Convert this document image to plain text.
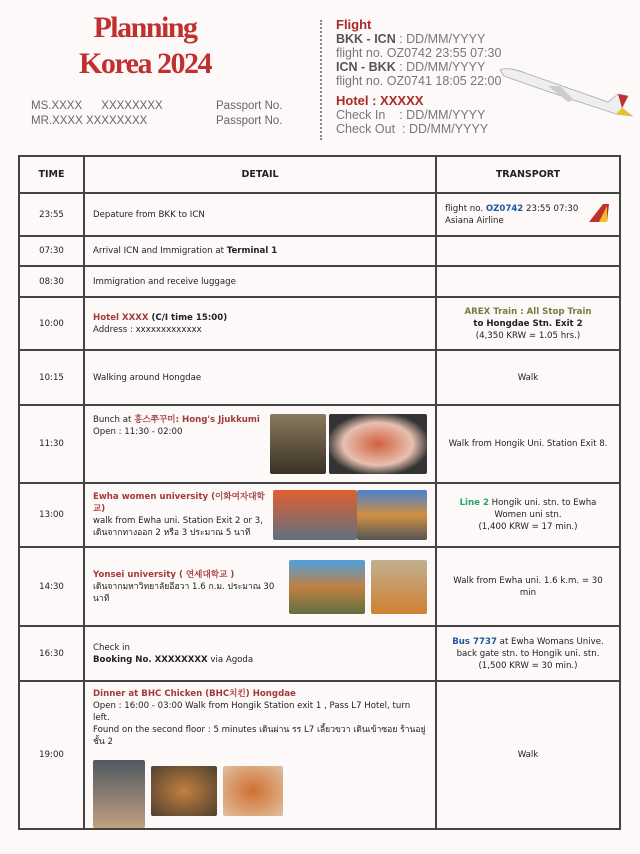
Planning
Korea 2024
MS.XXXX      XXXXXXXX
MR.XXXX XXXXXXXX
Passport No.
Passport No.
Flight
BKK - ICN : DD/MM/YYYY
flight no. OZ0742 23:55 07:30
ICN - BKK : DD/MM/YYYY
flight no. OZ0741 18:05 22:00
Hotel : XXXXX
Check In    : DD/MM/YYYY
Check Out  : DD/MM/YYYY
TIME	DETAIL	TRANSPORT
23:55	Depature from BKK to ICN	flight no. OZ0742 23:55 07:30
Asiana Airline

07:30	Arrival ICN and Immigration at Terminal 1	
08:30	Immigration and receive luggage	
10:00	Hotel XXXX (C/I time 15:00)
Address : xxxxxxxxxxxxx	AREX Train : All Stop Train
to Hongdae Stn. Exit 2
(4,350 KRW = 1.05 hrs.)
10:15	Walking around Hongdae	Walk
11:30	Bunch at 홍스쭈꾸미: Hong's Jjukkumi
Open : 11:30 - 02:00	Walk from Hongik Uni. Station Exit 8.
13:00	Ewha women university (이화여자대학교)
walk from Ewha uni. Station Exit 2 or 3,
เดินจากทางออก 2 หรือ 3 ประมาณ 5 นาที	Line 2 Hongik uni. stn. to Ewha Women uni stn.
(1,400 KRW = 17 min.)
14:30	Yonsei university ( 연세대학교 )
เดินจากมหาวิทยาลัยอีฮวา 1.6 ก.ม. ประมาณ 30 นาที	Walk from Ewha uni. 1.6 k.m. = 30 min
16:30	Check in
Booking No. XXXXXXXX via Agoda	Bus 7737 at Ewha Womans Unive. back gate stn. to Hongik uni. stn.
(1,500 KRW = 30 min.)
19:00	Dinner at BHC Chicken (BHC치킨) Hongdae
Open : 16:00 - 03:00 Walk from Hongik Station exit 1 , Pass L7 Hotel, turn left.
Found on the second floor : 5 minutes เดินผ่าน รร L7 เลี้ยวขวา เดินเข้าซอย ร้านอยู่ชั้น 2	Walk
